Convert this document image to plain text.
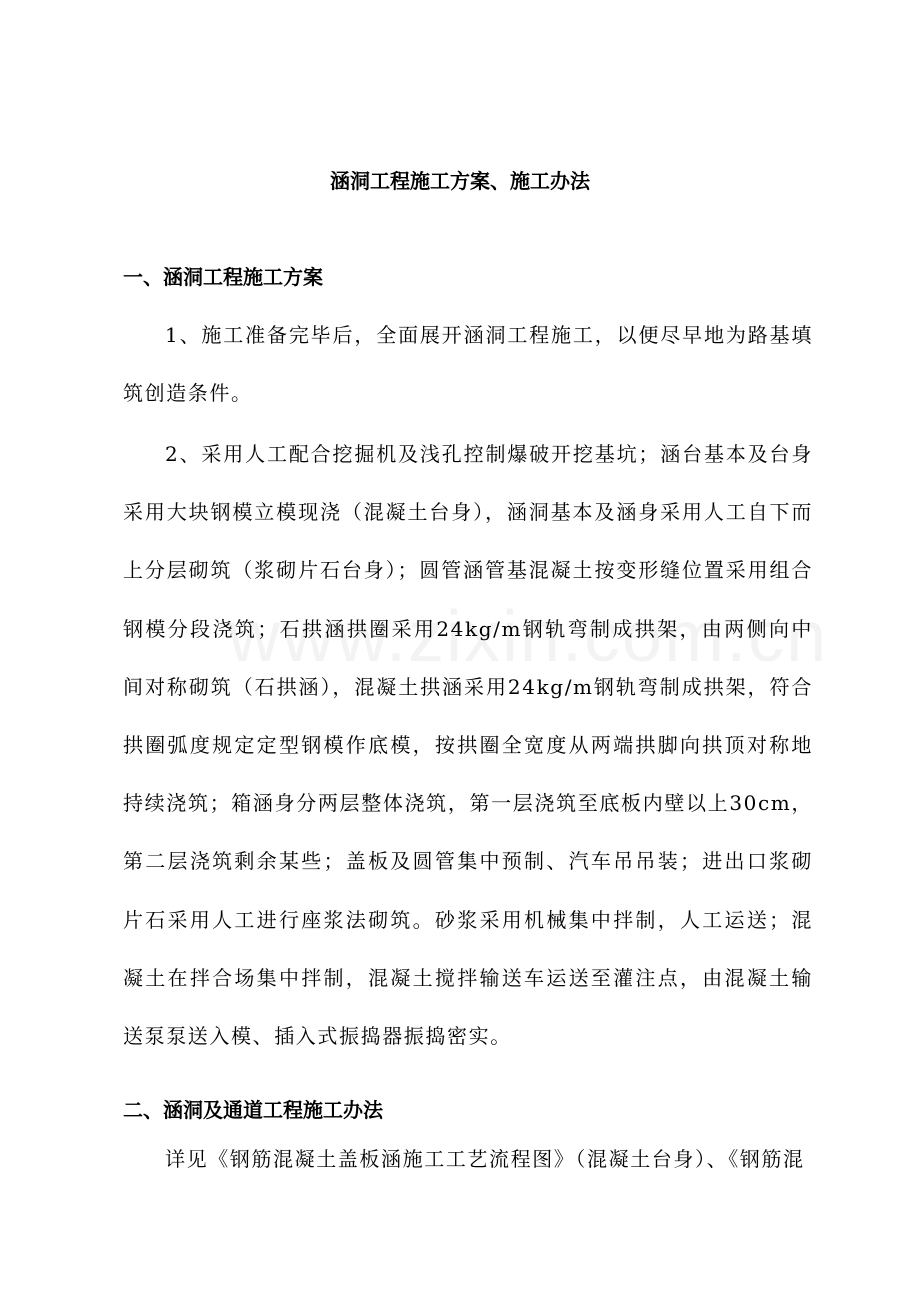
涵洞工程施工方案、施工办法
一、涵洞工程施工方案

1、施工准备完毕后，全面展开涵洞工程施工，以便尽早地为路基填筑创造条件。

2、采用人工配合挖掘机及浅孔控制爆破开挖基坑；涵台基本及台身采用大块钢模立模现浇（混凝土台身），涵洞基本及涵身采用人工自下而上分层砌筑（浆砌片石台身）；圆管涵管基混凝土按变形缝位置采用组合钢模分段浇筑；石拱涵拱圈采用24kg/m钢轨弯制成拱架，由两侧向中间对称砌筑（石拱涵），混凝土拱涵采用24kg/m钢轨弯制成拱架，符合拱圈弧度规定定型钢模作底模，按拱圈全宽度从两端拱脚向拱顶对称地持续浇筑；箱涵身分两层整体浇筑，第一层浇筑至底板内壁以上30cm，第二层浇筑剩余某些；盖板及圆管集中预制、汽车吊吊装；进出口浆砌片石采用人工进行座浆法砌筑。砂浆采用机械集中拌制，人工运送；混凝土在拌合场集中拌制，混凝土搅拌输送车运送至灌注点，由混凝土输送泵泵送入模、插入式振捣器振捣密实。

二、涵洞及通道工程施工办法

详见《钢筋混凝土盖板涵施工工艺流程图》（混凝土台身）、《钢筋混
